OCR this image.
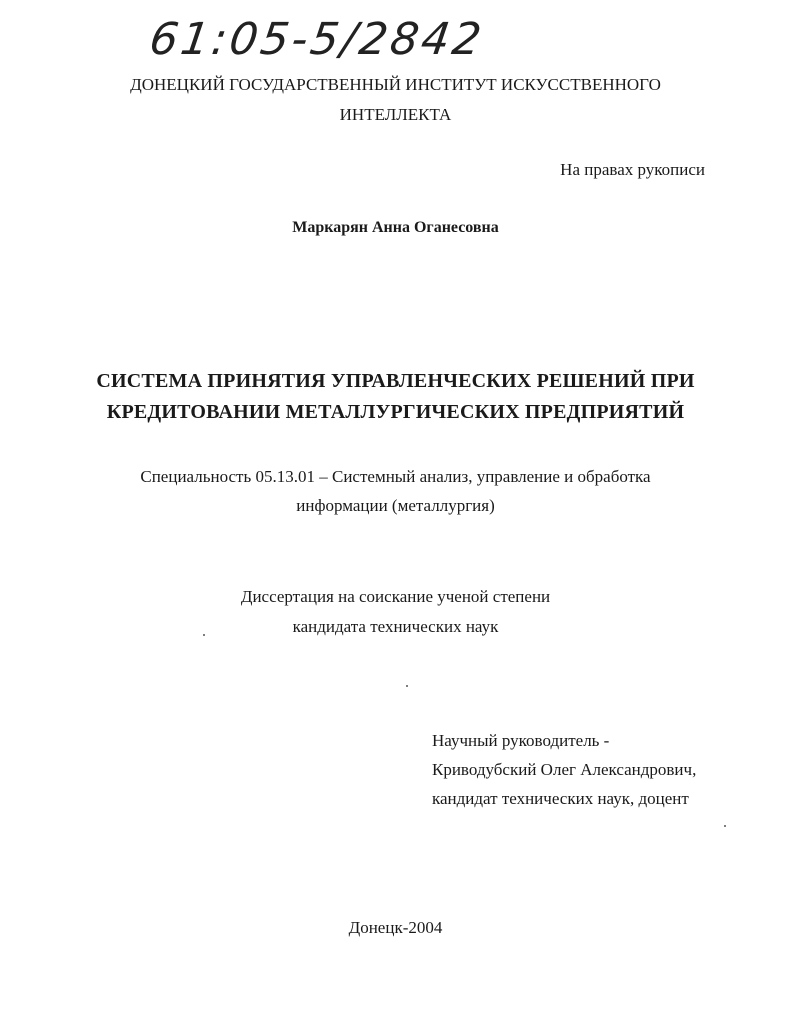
61:05-5/2842
ДОНЕЦКИЙ ГОСУДАРСТВЕННЫЙ ИНСТИТУТ ИСКУССТВЕННОГО
ИНТЕЛЛЕКТА
На правах рукописи
Маркарян Анна Оганесовна
СИСТЕМА ПРИНЯТИЯ УПРАВЛЕНЧЕСКИХ РЕШЕНИЙ ПРИ
КРЕДИТОВАНИИ МЕТАЛЛУРГИЧЕСКИХ ПРЕДПРИЯТИЙ
Специальность 05.13.01 – Системный анализ, управление и обработка
информации (металлургия)
Диссертация на соискание ученой степени
кандидата технических наук
Научный руководитель -
Криводубский Олег Александрович,
кандидат технических наук, доцент
Донецк-2004
